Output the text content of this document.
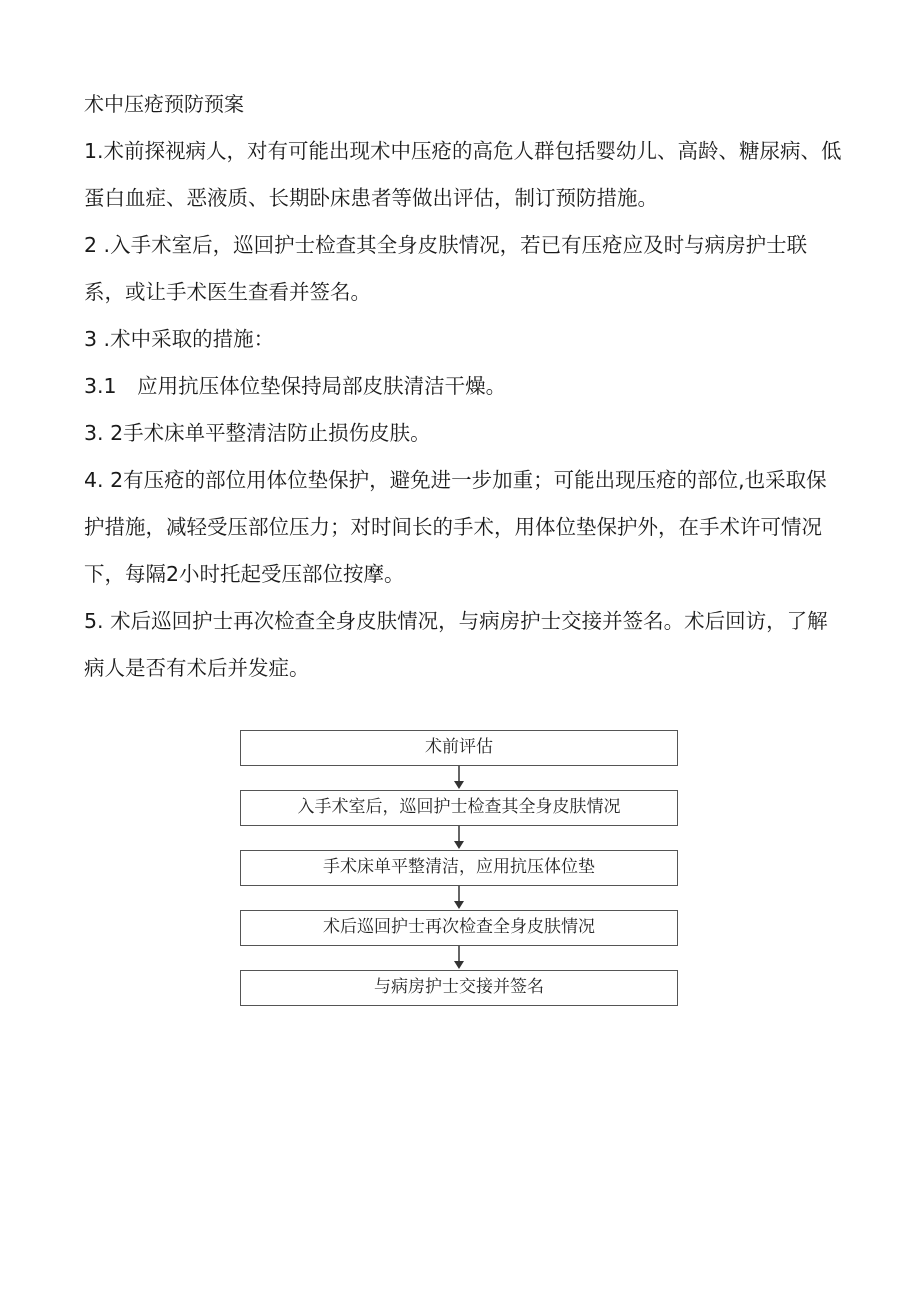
术中压疮预防预案

1.术前探视病人，对有可能出现术中压疮的高危人群包括婴幼儿、高龄、糖尿病、低蛋白血症、恶液质、长期卧床患者等做出评估，制订预防措施。

2 .入手术室后，巡回护士检查其全身皮肤情况，若已有压疮应及时与病房护士联系，或让手术医生查看并签名。

3 .术中采取的措施：

3.1　应用抗压体位垫保持局部皮肤清洁干燥。

3. 2手术床单平整清洁防止损伤皮肤。

4. 2有压疮的部位用体位垫保护，避免进一步加重；可能出现压疮的部位,也采取保护措施，减轻受压部位压力；对时间长的手术，用体位垫保护外，在手术许可情况下，每隔2小时托起受压部位按摩。

5. 术后巡回护士再次检查全身皮肤情况，与病房护士交接并签名。术后回访，了解病人是否有术后并发症。

术前评估
入手术室后，巡回护士检查其全身皮肤情况
手术床单平整清洁，应用抗压体位垫
术后巡回护士再次检查全身皮肤情况
与病房护士交接并签名
